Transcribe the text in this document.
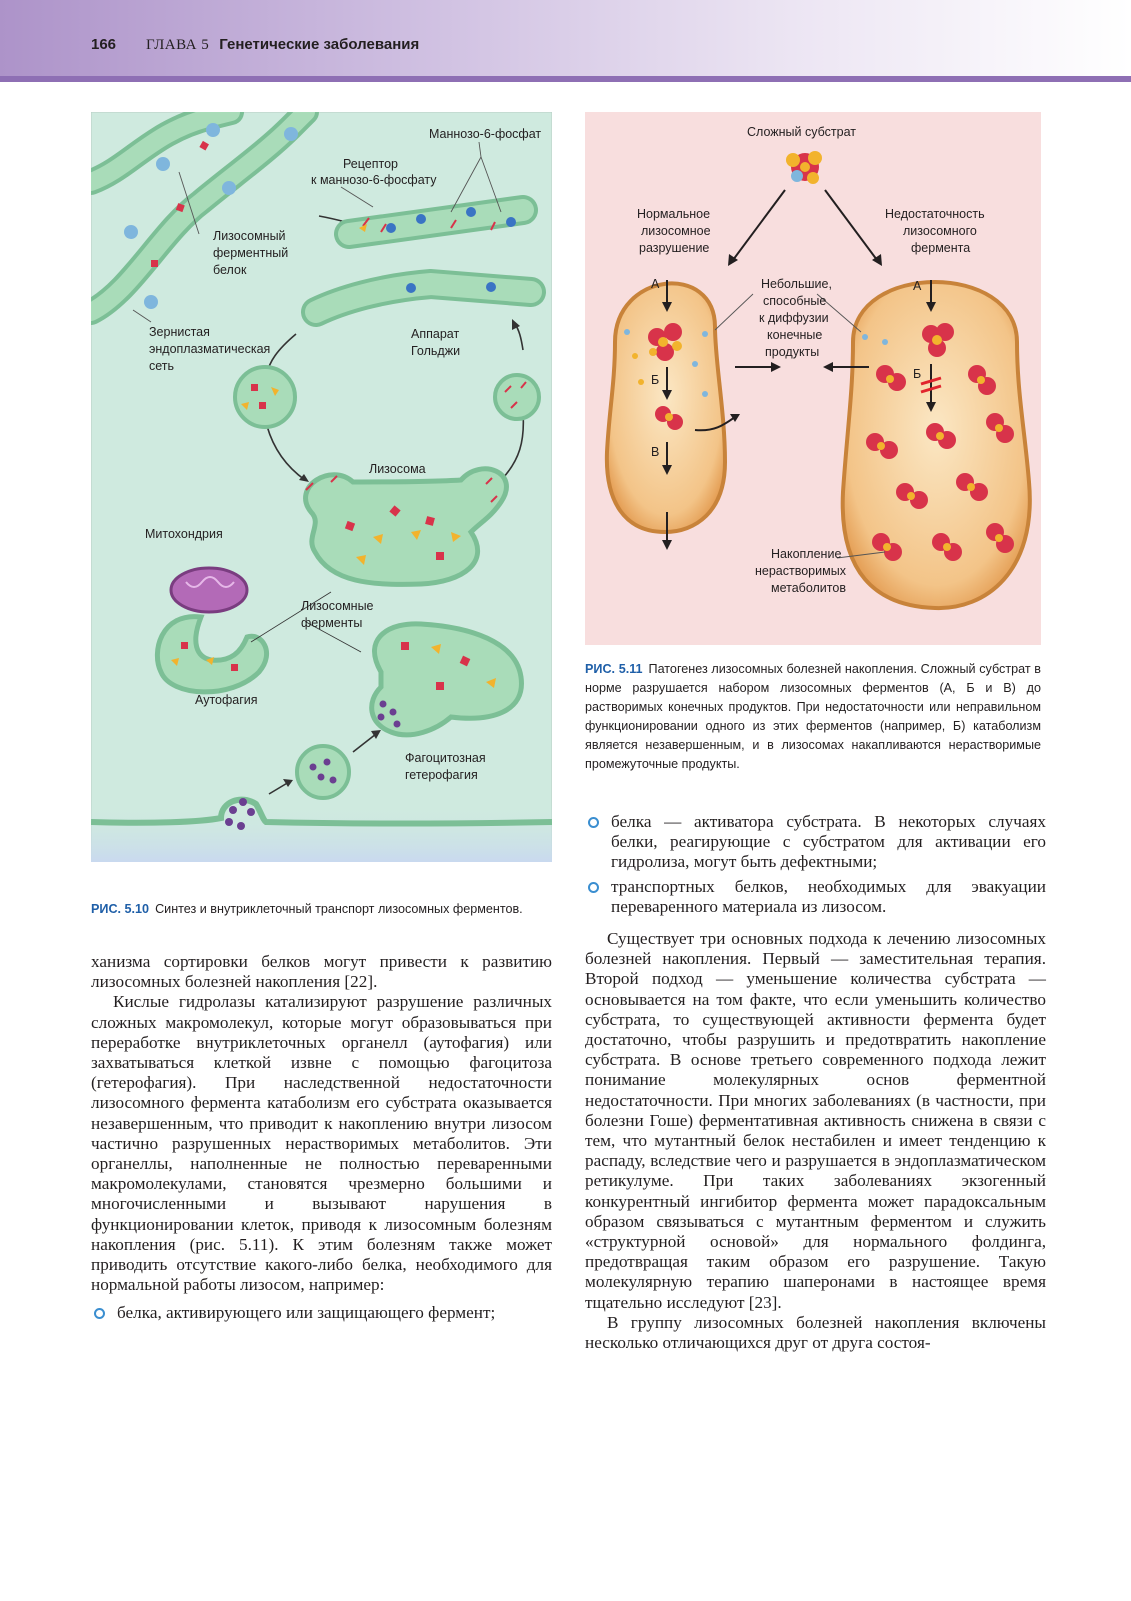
166 ГЛАВА 5 Генетические заболевания
Маннозо-6-фосфат
Рецептор
к маннозо-6-фосфату
Лизосомный
ферментный
белок
Зернистая
эндоплазматическая
сеть
Аппарат
Гольджи
Лизосома
Митохондрия
Лизосомные
ферменты
Аутофагия
Фагоцитозная
гетерофагия
РИС. 5.10 Синтез и внутриклеточный транспорт лизосомных ферментов.
Сложный субстрат
Нормальное
лизосомное
разрушение
Недостаточность
лизосомного
фермента
Небольшие,
способные
к диффузии
конечные
продукты
А
Б
В
А
Б
Накопление
нерастворимых
метаболитов
РИС. 5.11 Патогенез лизосомных болезней накопления. Сложный субстрат в норме разрушается набором лизосомных ферментов (А, Б и В) до растворимых конечных продуктов. При недостаточности или неправильном функционировании одного из этих ферментов (например, Б) катаболизм является незавершенным, и в лизосомах накапливаются нерастворимые промежуточные продукты.

ханизма сортировки белков могут привести к развитию лизосомных болезней накопления [22].

Кислые гидролазы катализируют разрушение различных сложных макромолекул, которые могут образовываться при переработке внутриклеточных органелл (аутофагия) или захватываться клеткой извне с помощью фагоцитоза (гетерофагия). При наследственной недостаточности лизосомного фермента катаболизм его субстрата оказывается незавершенным, что приводит к накоплению внутри лизосом частично разрушенных нерастворимых метаболитов. Эти органеллы, наполненные не полностью переваренными макромолекулами, становятся чрезмерно большими и многочисленными и вызывают нарушения в функционировании клеток, приводя к лизосомным болезням накопления (рис. 5.11). К этим болезням также может приводить отсутствие какого-либо белка, необходимого для нормальной работы лизосом, например:

белка, активирующего или защищающего фермент;
белка — активатора субстрата. В некоторых случаях белки, реагирующие с субстратом для активации его гидролиза, могут быть дефектными;
транспортных белков, необходимых для эвакуации переваренного материала из лизосом.

Существует три основных подхода к лечению лизосомных болезней накопления. Первый — заместительная терапия. Второй подход — уменьшение количества субстрата — основывается на том факте, что если уменьшить количество субстрата, то существующей активности фермента будет достаточно, чтобы разрушить и предотвратить накопление субстрата. В основе третьего современного подхода лежит понимание молекулярных основ ферментной недостаточности. При многих заболеваниях (в частности, при болезни Гоше) ферментативная активность снижена в связи с тем, что мутантный белок нестабилен и имеет тенденцию к распаду, вследствие чего и разрушается в эндоплазматическом ретикулуме. При таких заболеваниях экзогенный конкурентный ингибитор фермента может парадоксальным образом связываться с мутантным ферментом и служить «структурной основой» для нормального фолдинга, предотвращая таким образом его разрушение. Такую молекулярную терапию шаперонами в настоящее время тщательно исследуют [23].

В группу лизосомных болезней накопления включены несколько отличающихся друг от друга состоя-
